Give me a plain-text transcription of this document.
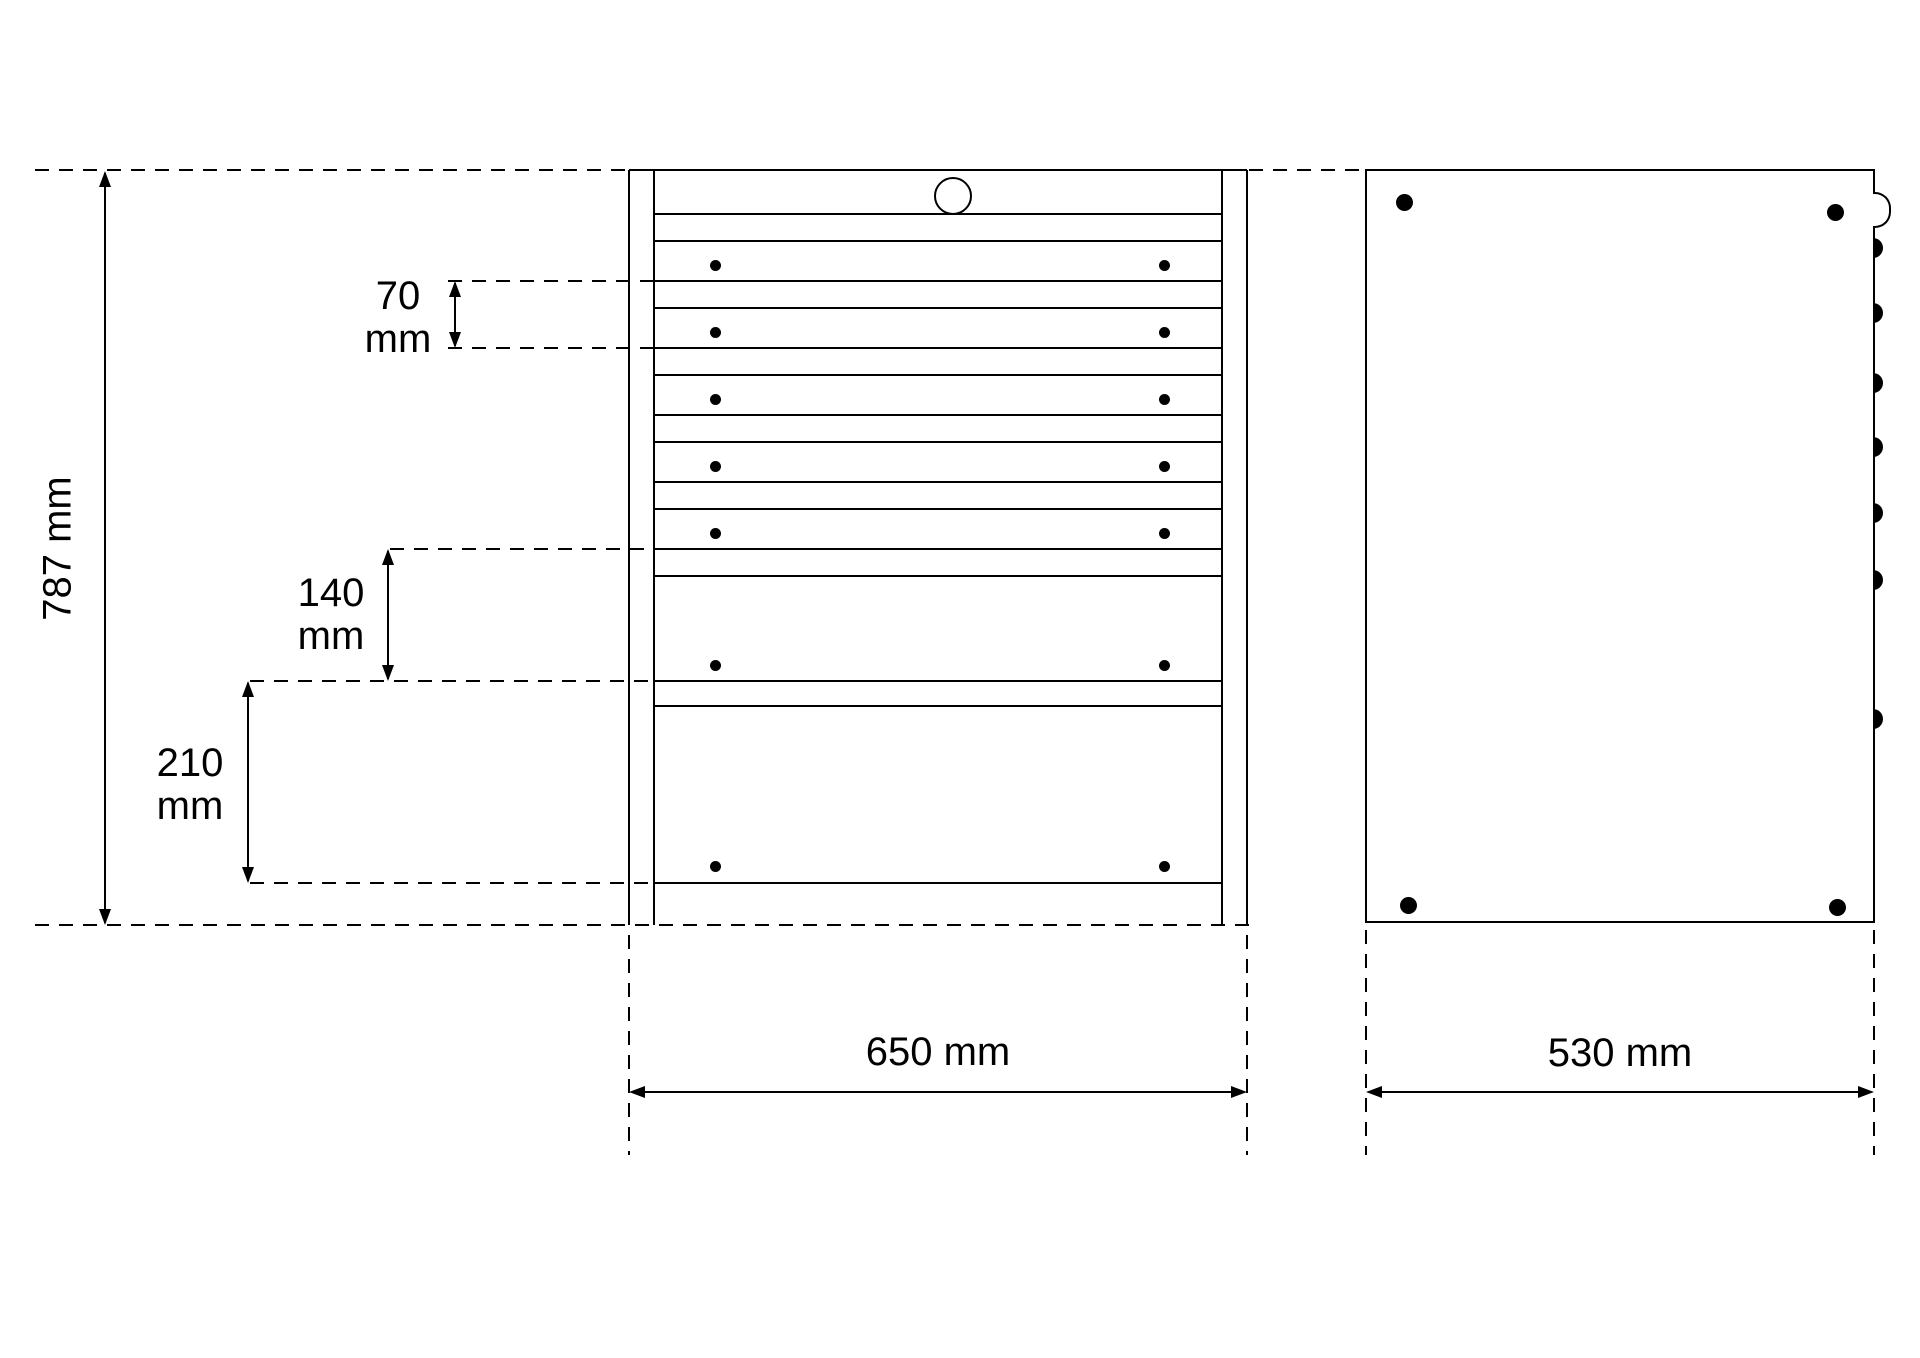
787 mm
70
mm
140
mm
210
mm
650 mm	530 mm
